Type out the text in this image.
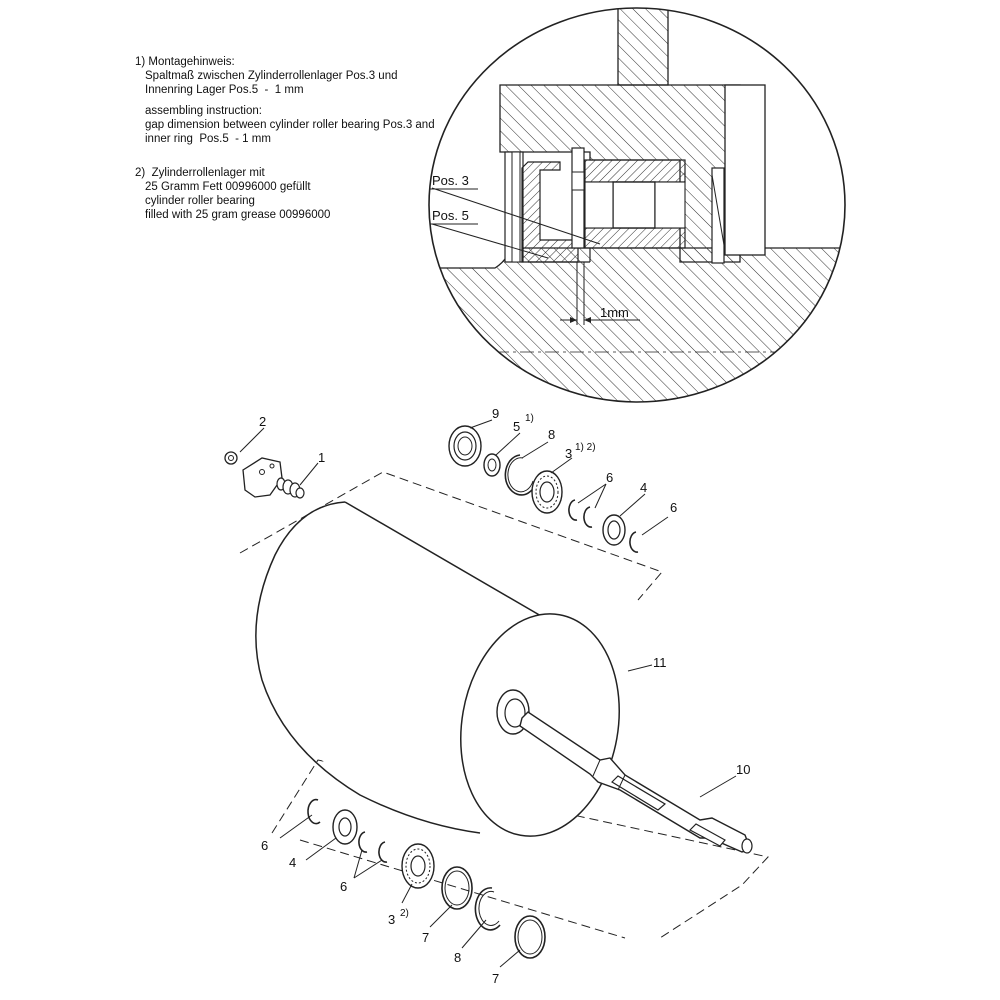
Pos. 3
Pos. 5
1mm
2
1
9
5
1)
8
3 1) 2)
6
4
6
11
10
6
4
6
3 2)
7
8
7

1) Montagehinweis:

Spaltmaß zwischen Zylinderrollenlager Pos.3 und

Innenring Lager Pos.5  -  1 mm

assembling instruction:

gap dimension between cylinder roller bearing Pos.3 and

inner ring  Pos.5  - 1 mm

2)  Zylinderrollenlager mit

25 Gramm Fett 00996000 gefüllt

cylinder roller bearing

filled with 25 gram grease 00996000
